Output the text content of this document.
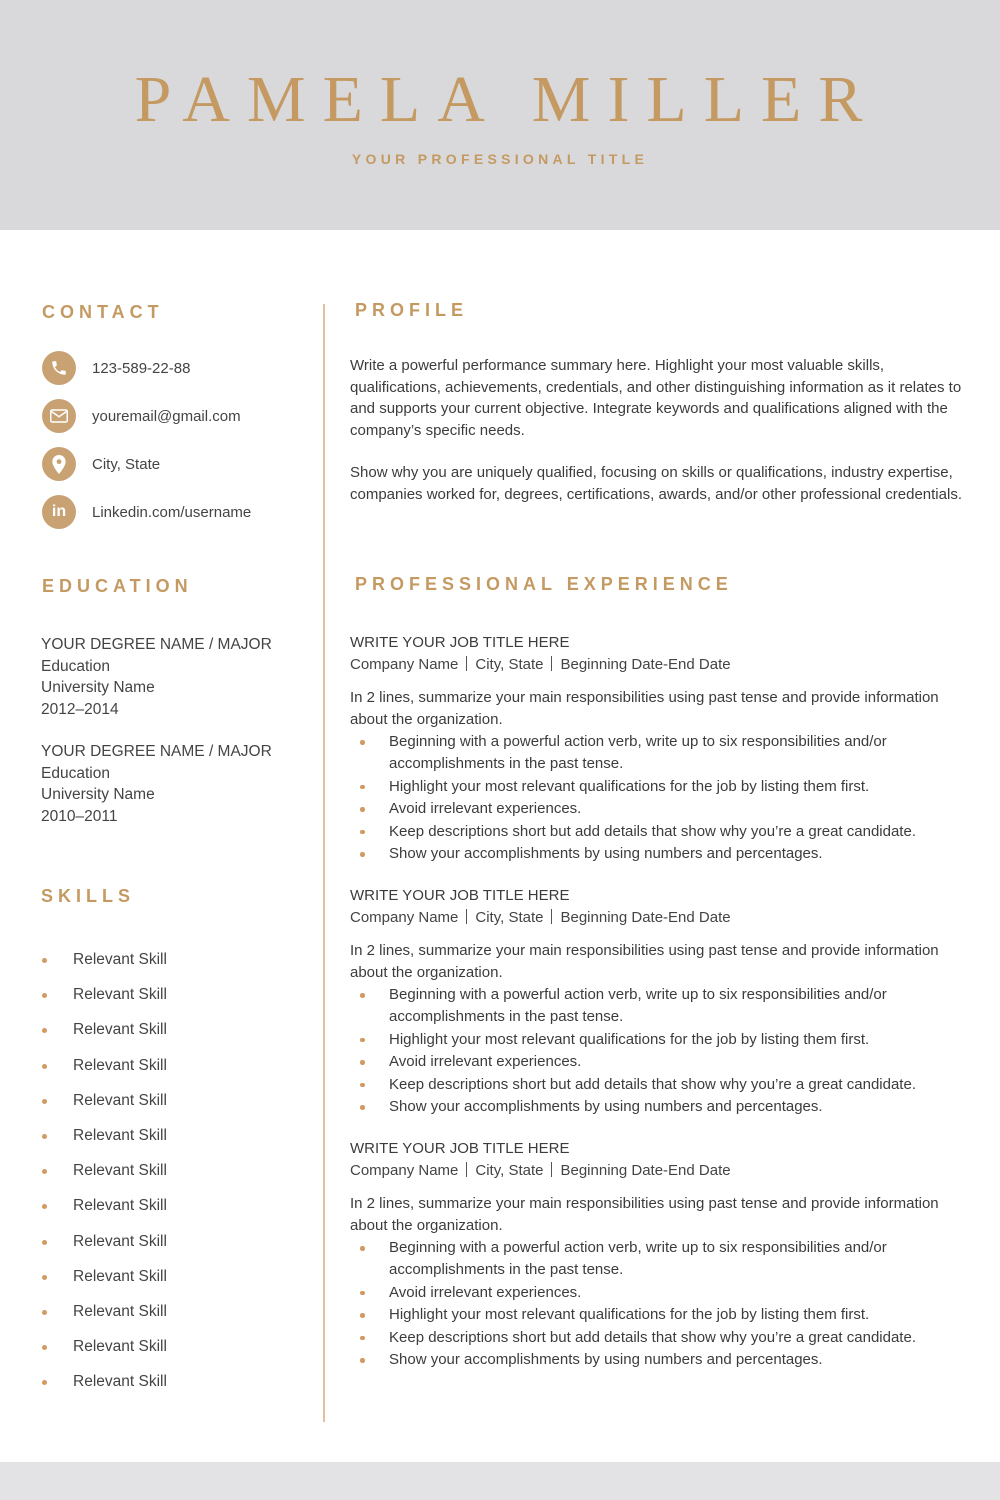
PAMELA MILLER
YOUR PROFESSIONAL TITLE
CONTACT
123-589-22-88
youremail@gmail.com
City, State
in	Linkedin.com/username
EDUCATION
YOUR DEGREE NAME / MAJOR
Education
University Name
2012–2014
YOUR DEGREE NAME / MAJOR
Education
University Name
2010–2011
SKILLS
Relevant Skill
Relevant Skill
Relevant Skill
Relevant Skill
Relevant Skill
Relevant Skill
Relevant Skill
Relevant Skill
Relevant Skill
Relevant Skill
Relevant Skill
Relevant Skill
Relevant Skill
PROFILE
Write a powerful performance summary here. Highlight your most valuable skills, qualifications, achievements, credentials, and other distinguishing information as it relates to and supports your current objective. Integrate keywords and qualifications aligned with the company’s specific needs.
Show why you are uniquely qualified, focusing on skills or qualifications, industry expertise, companies worked for, degrees, certifications, awards, and/or other professional credentials.
PROFESSIONAL EXPERIENCE
WRITE YOUR JOB TITLE HERE
Company Name City, State Beginning Date-End Date
In 2 lines, summarize your main responsibilities using past tense and provide information about the organization.
Beginning with a powerful action verb, write up to six responsibilities and/or accomplishments in the past tense.
Highlight your most relevant qualifications for the job by listing them first.
Avoid irrelevant experiences.
Keep descriptions short but add details that show why you’re a great candidate.
Show your accomplishments by using numbers and percentages.
WRITE YOUR JOB TITLE HERE
Company Name City, State Beginning Date-End Date
In 2 lines, summarize your main responsibilities using past tense and provide information about the organization.
Beginning with a powerful action verb, write up to six responsibilities and/or accomplishments in the past tense.
Highlight your most relevant qualifications for the job by listing them first.
Avoid irrelevant experiences.
Keep descriptions short but add details that show why you’re a great candidate.
Show your accomplishments by using numbers and percentages.
WRITE YOUR JOB TITLE HERE
Company Name City, State Beginning Date-End Date
In 2 lines, summarize your main responsibilities using past tense and provide information about the organization.
Beginning with a powerful action verb, write up to six responsibilities and/or accomplishments in the past tense.
Avoid irrelevant experiences.
Highlight your most relevant qualifications for the job by listing them first.
Keep descriptions short but add details that show why you’re a great candidate.
Show your accomplishments by using numbers and percentages.
